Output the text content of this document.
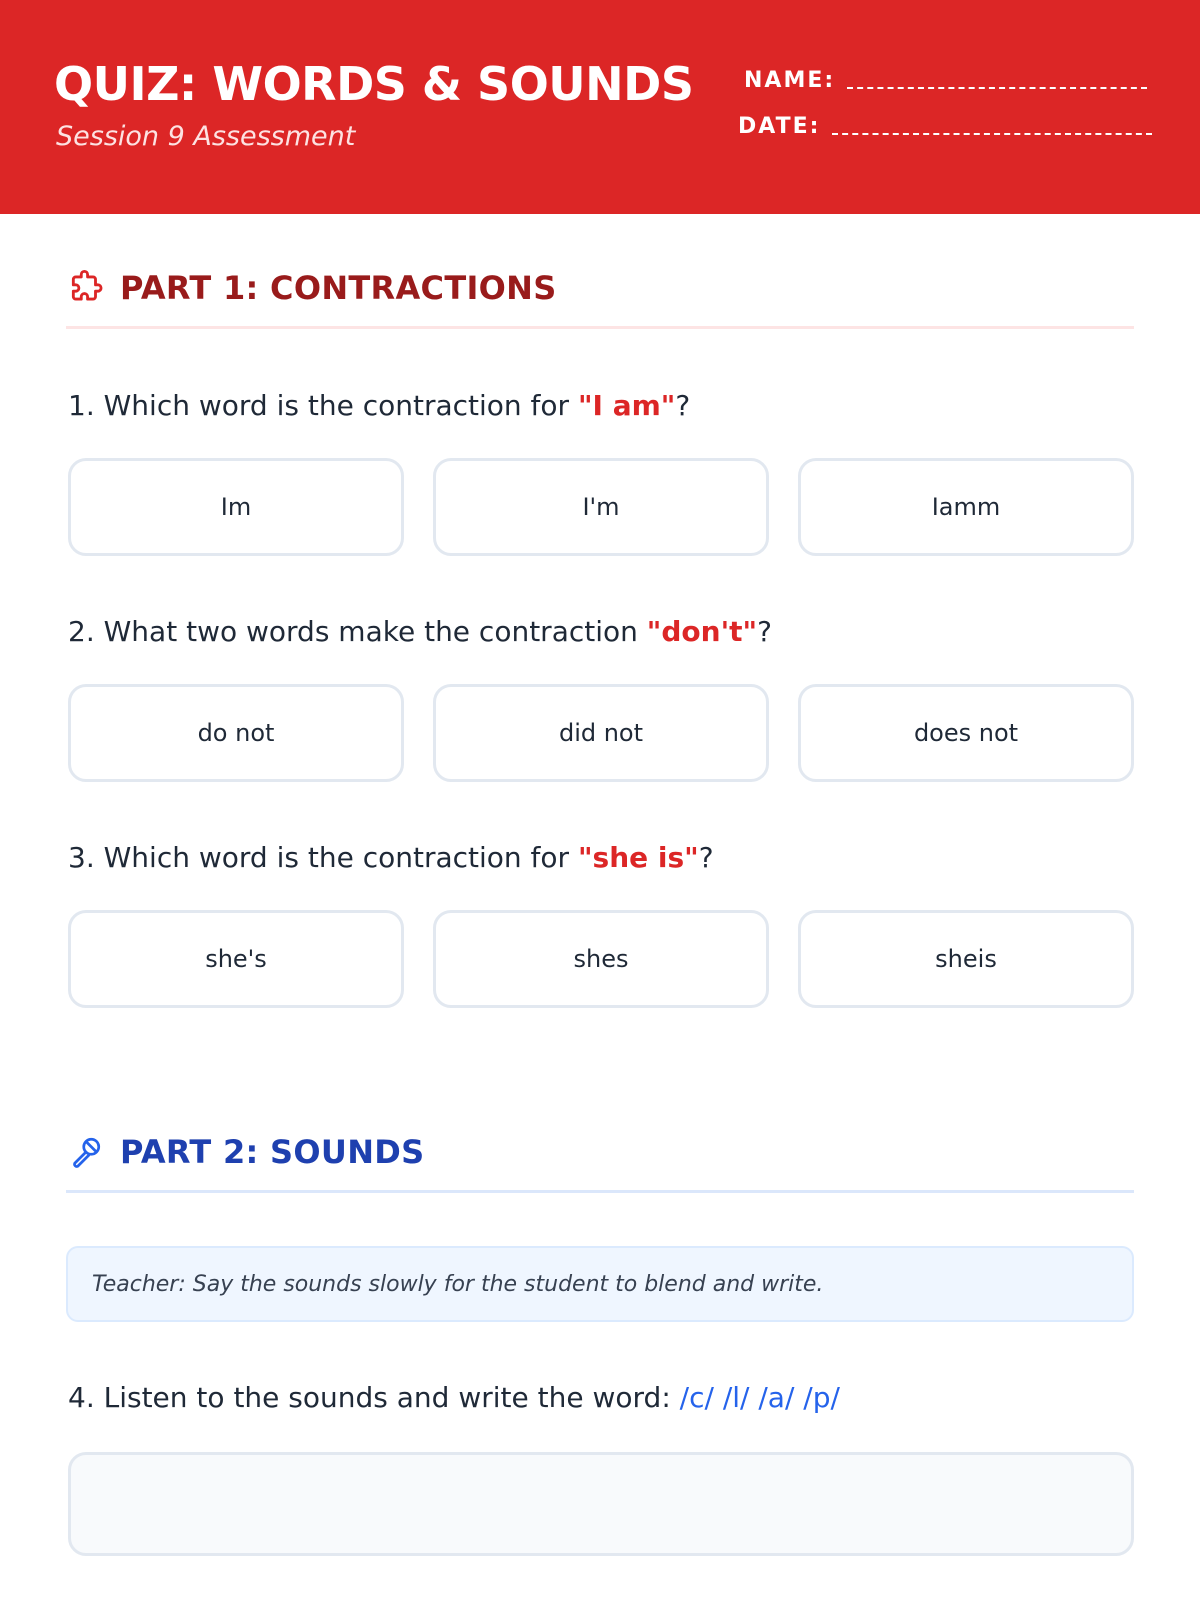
QUIZ: WORDS & SOUNDS
Session 9 Assessment
NAME:
DATE:
PART 1: CONTRACTIONS
1. Which word is the contraction for "I am"?
Im	I'm	Iamm
2. What two words make the contraction "don't"?
do not	did not	does not
3. Which word is the contraction for "she is"?
she's	shes	sheis
PART 2: SOUNDS
Teacher: Say the sounds slowly for the student to blend and write.
4. Listen to the sounds and write the word: /c/ /l/ /a/ /p/
